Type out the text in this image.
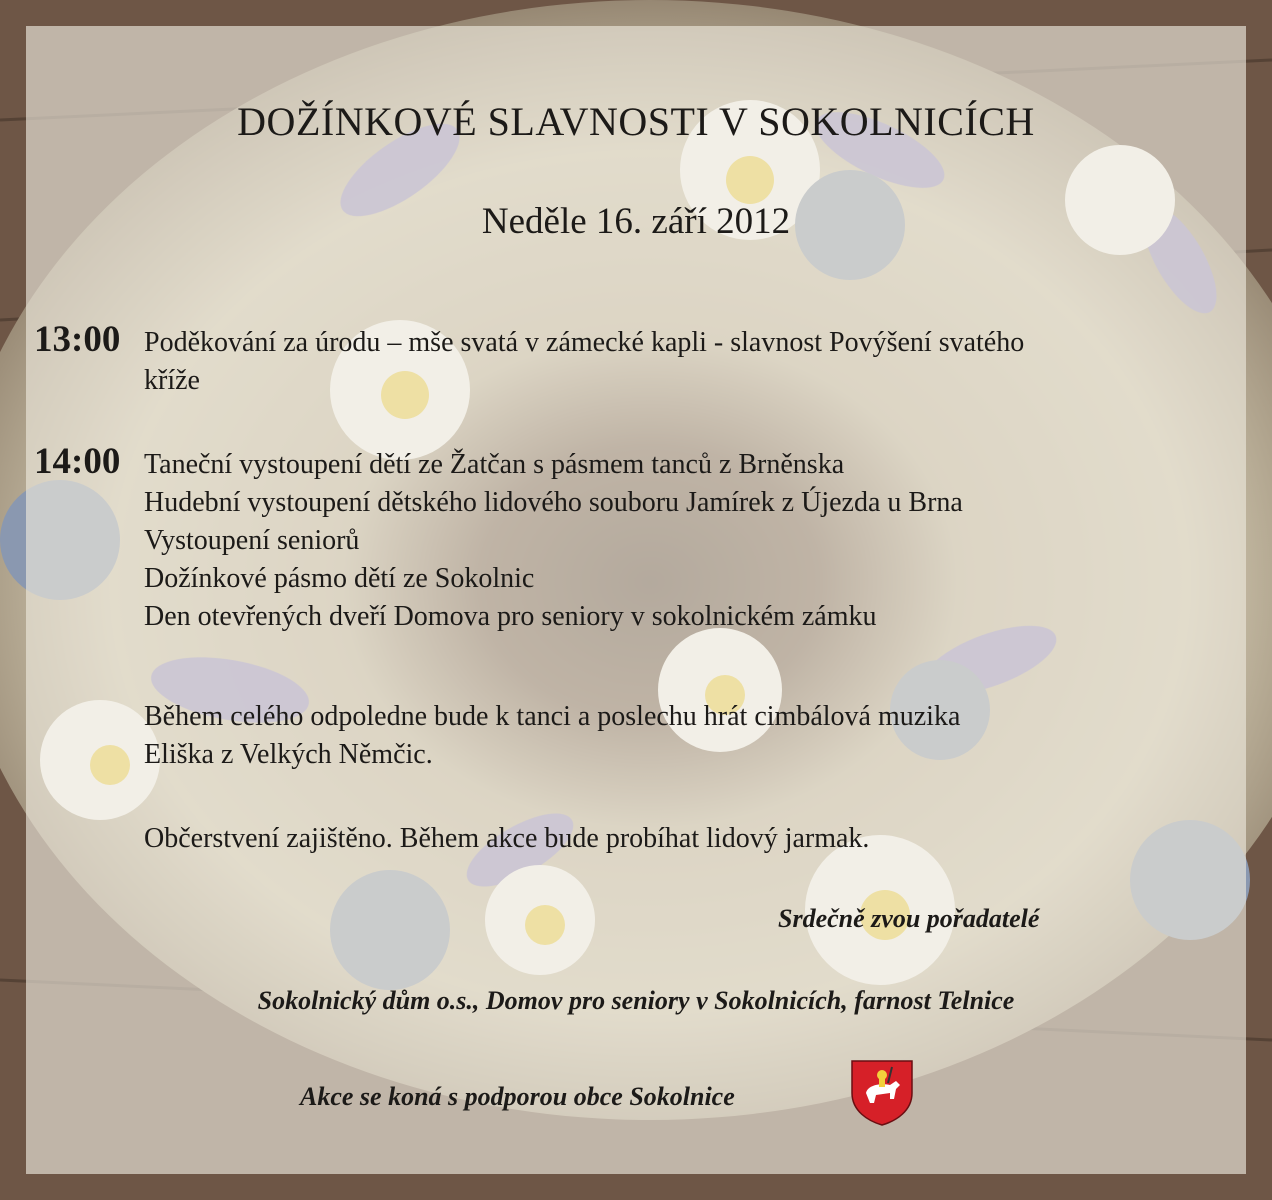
DOŽÍNKOVÉ SLAVNOSTI V SOKOLNICÍCH
Neděle 16. září 2012
13:00 Poděkování za úrodu – mše svatá v zámecké kapli - slavnost Povýšení svatého
kříže
14:00 Taneční vystoupení dětí ze Žatčan s pásmem tanců z Brněnska
Hudební vystoupení dětského lidového souboru Jamírek z Újezda u Brna
Vystoupení seniorů
Dožínkové pásmo dětí ze Sokolnic
Den otevřených dveří Domova pro seniory v sokolnickém zámku
Během celého odpoledne bude k tanci a poslechu hrát cimbálová muzika
Eliška z Velkých Němčic.
Občerstvení zajištěno. Během akce bude probíhat lidový jarmak.
Srdečně zvou pořadatelé
Sokolnický dům o.s., Domov pro seniory v Sokolnicích, farnost Telnice
Akce se koná s podporou obce Sokolnice
